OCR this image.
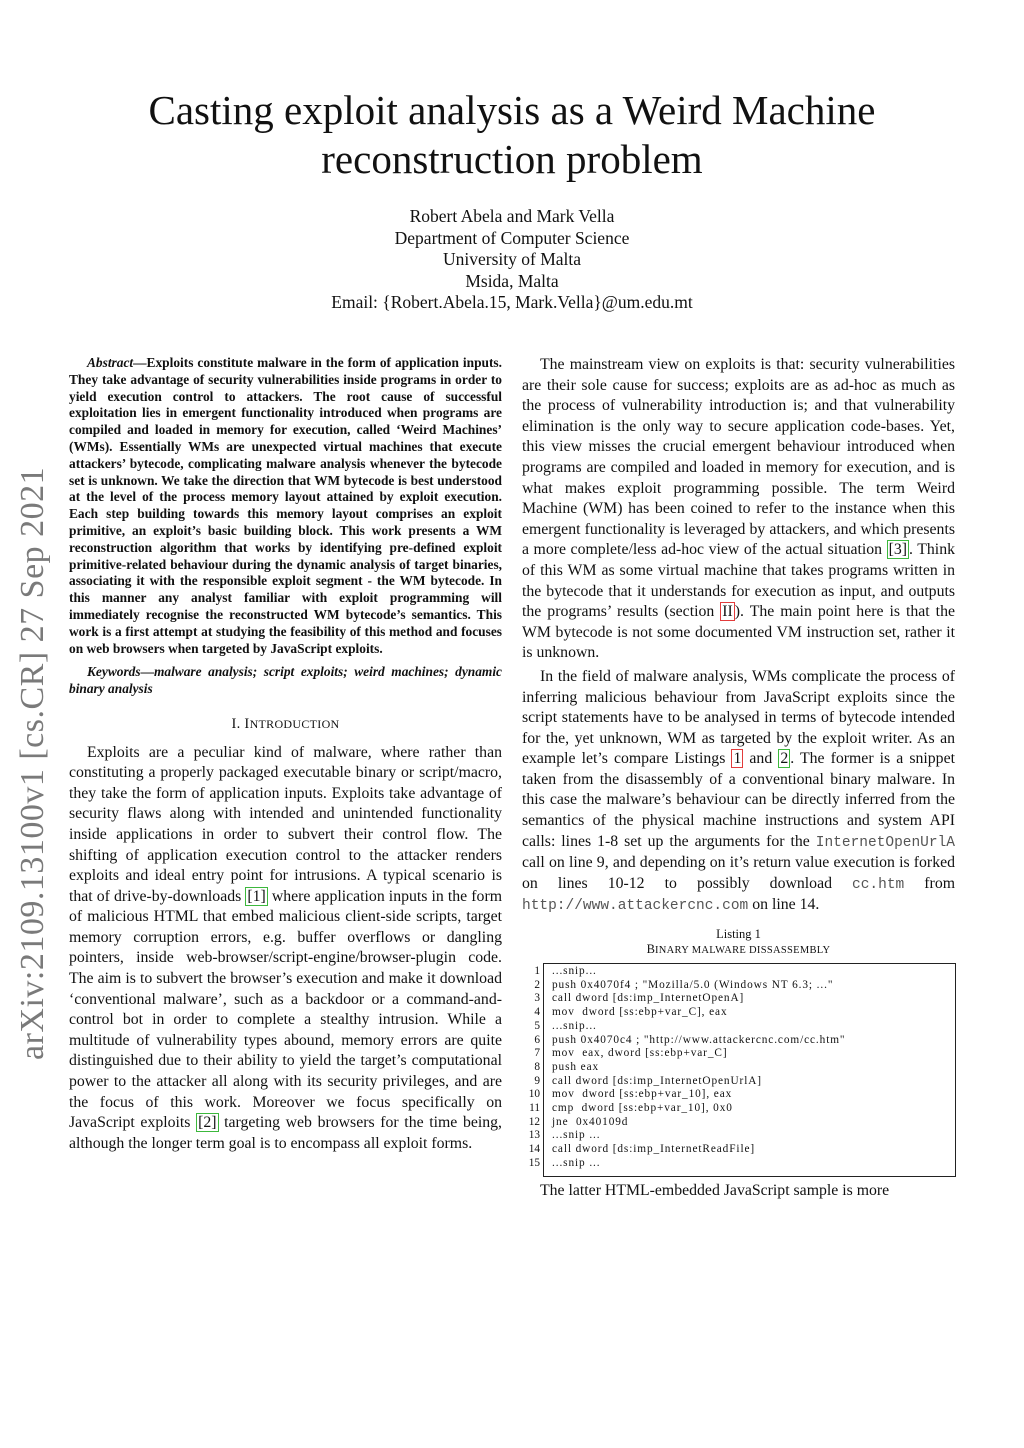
arXiv:2109.13100v1 [cs.CR] 27 Sep 2021
Casting exploit analysis as a Weird Machine reconstruction problem
Robert Abela and Mark Vella
Department of Computer Science
University of Malta
Msida, Malta
Email: {Robert.Abela.15, Mark.Vella}@um.edu.mt

Abstract—Exploits constitute malware in the form of application inputs. They take advantage of security vulnerabilities inside programs in order to yield execution control to attackers. The root cause of successful exploitation lies in emergent functionality introduced when programs are compiled and loaded in memory for execution, called ‘Weird Machines’ (WMs). Essentially WMs are unexpected virtual machines that execute attackers’ bytecode, complicating malware analysis whenever the bytecode set is unknown. We take the direction that WM bytecode is best understood at the level of the process memory layout attained by exploit execution. Each step building towards this memory layout comprises an exploit primitive, an exploit’s basic building block. This work presents a WM reconstruction algorithm that works by identifying pre-defined exploit primitive-related behaviour during the dynamic analysis of target binaries, associating it with the responsible exploit segment - the WM bytecode. In this manner any analyst familiar with exploit programming will immediately recognise the reconstructed WM bytecode’s semantics. This work is a first attempt at studying the feasibility of this method and focuses on web browsers when targeted by JavaScript exploits.

Keywords—malware analysis; script exploits; weird machines; dynamic binary analysis

I. INTRODUCTION

Exploits are a peculiar kind of malware, where rather than constituting a properly packaged executable binary or script/macro, they take the form of application inputs. Exploits take advantage of security flaws along with intended and unintended functionality inside applications in order to subvert their control flow. The shifting of application execution control to the attacker renders exploits and ideal entry point for intrusions. A typical scenario is that of drive-by-downloads [1] where application inputs in the form of malicious HTML that embed malicious client-side scripts, target memory corruption errors, e.g. buffer overflows or dangling pointers, inside web-browser/script-engine/browser-plugin code. The aim is to subvert the browser’s execution and make it download ‘conventional malware’, such as a backdoor or a command-and-control bot in order to complete a stealthy intrusion. While a multitude of vulnerability types abound, memory errors are quite distinguished due to their ability to yield the target’s computational power to the attacker all along with its security privileges, and are the focus of this work. Moreover we focus specifically on JavaScript exploits [2] targeting web browsers for the time being, although the longer term goal is to encompass all exploit forms.

The mainstream view on exploits is that: security vulnerabilities are their sole cause for success; exploits are as ad-hoc as much as the process of vulnerability introduction is; and that vulnerability elimination is the only way to secure application code-bases. Yet, this view misses the crucial emergent behaviour introduced when programs are compiled and loaded in memory for execution, and is what makes exploit programming possible. The term Weird Machine (WM) has been coined to refer to the instance when this emergent functionality is leveraged by attackers, and which presents a more complete/less ad-hoc view of the actual situation [3] . Think of this WM as some virtual machine that takes programs written in the bytecode that it understands for execution as input, and outputs the programs’ results (section II ). The main point here is that the WM bytecode is not some documented VM instruction set, rather it is unknown.

In the field of malware analysis, WMs complicate the process of inferring malicious behaviour from JavaScript exploits since the script statements have to be analysed in terms of bytecode intended for the, yet unknown, WM as targeted by the exploit writer. As an example let’s compare Listings 1 and 2 . The former is a snippet taken from the disassembly of a conventional binary malware. In this case the malware’s behaviour can be directly inferred from the semantics of the physical machine instructions and system API calls: lines 1-8 set up the arguments for the InternetOpenUrlA call on line 9, and depending on it’s return value execution is forked on lines 10-12 to possibly download cc.htm from http://www.attackercnc.com on line 14.

Listing 1
BINARY MALWARE DISSASSEMBLY
1	...snip...
2	push 0x4070f4 ; "Mozilla/5.0 (Windows NT 6.3; ..."
3	call dword [ds:imp_InternetOpenA]
4	mov  dword [ss:ebp+var_C], eax
5	...snip...
6	push 0x4070c4 ; "http://www.attackercnc.com/cc.htm"
7	mov  eax, dword [ss:ebp+var_C]
8	push eax
9	call dword [ds:imp_InternetOpenUrlA]
10	mov  dword [ss:ebp+var_10], eax
11	cmp  dword [ss:ebp+var_10], 0x0
12	jne  0x40109d
13	...snip ...
14	call dword [ds:imp_InternetReadFile]
15	...snip ...

The latter HTML-embedded JavaScript sample is more
